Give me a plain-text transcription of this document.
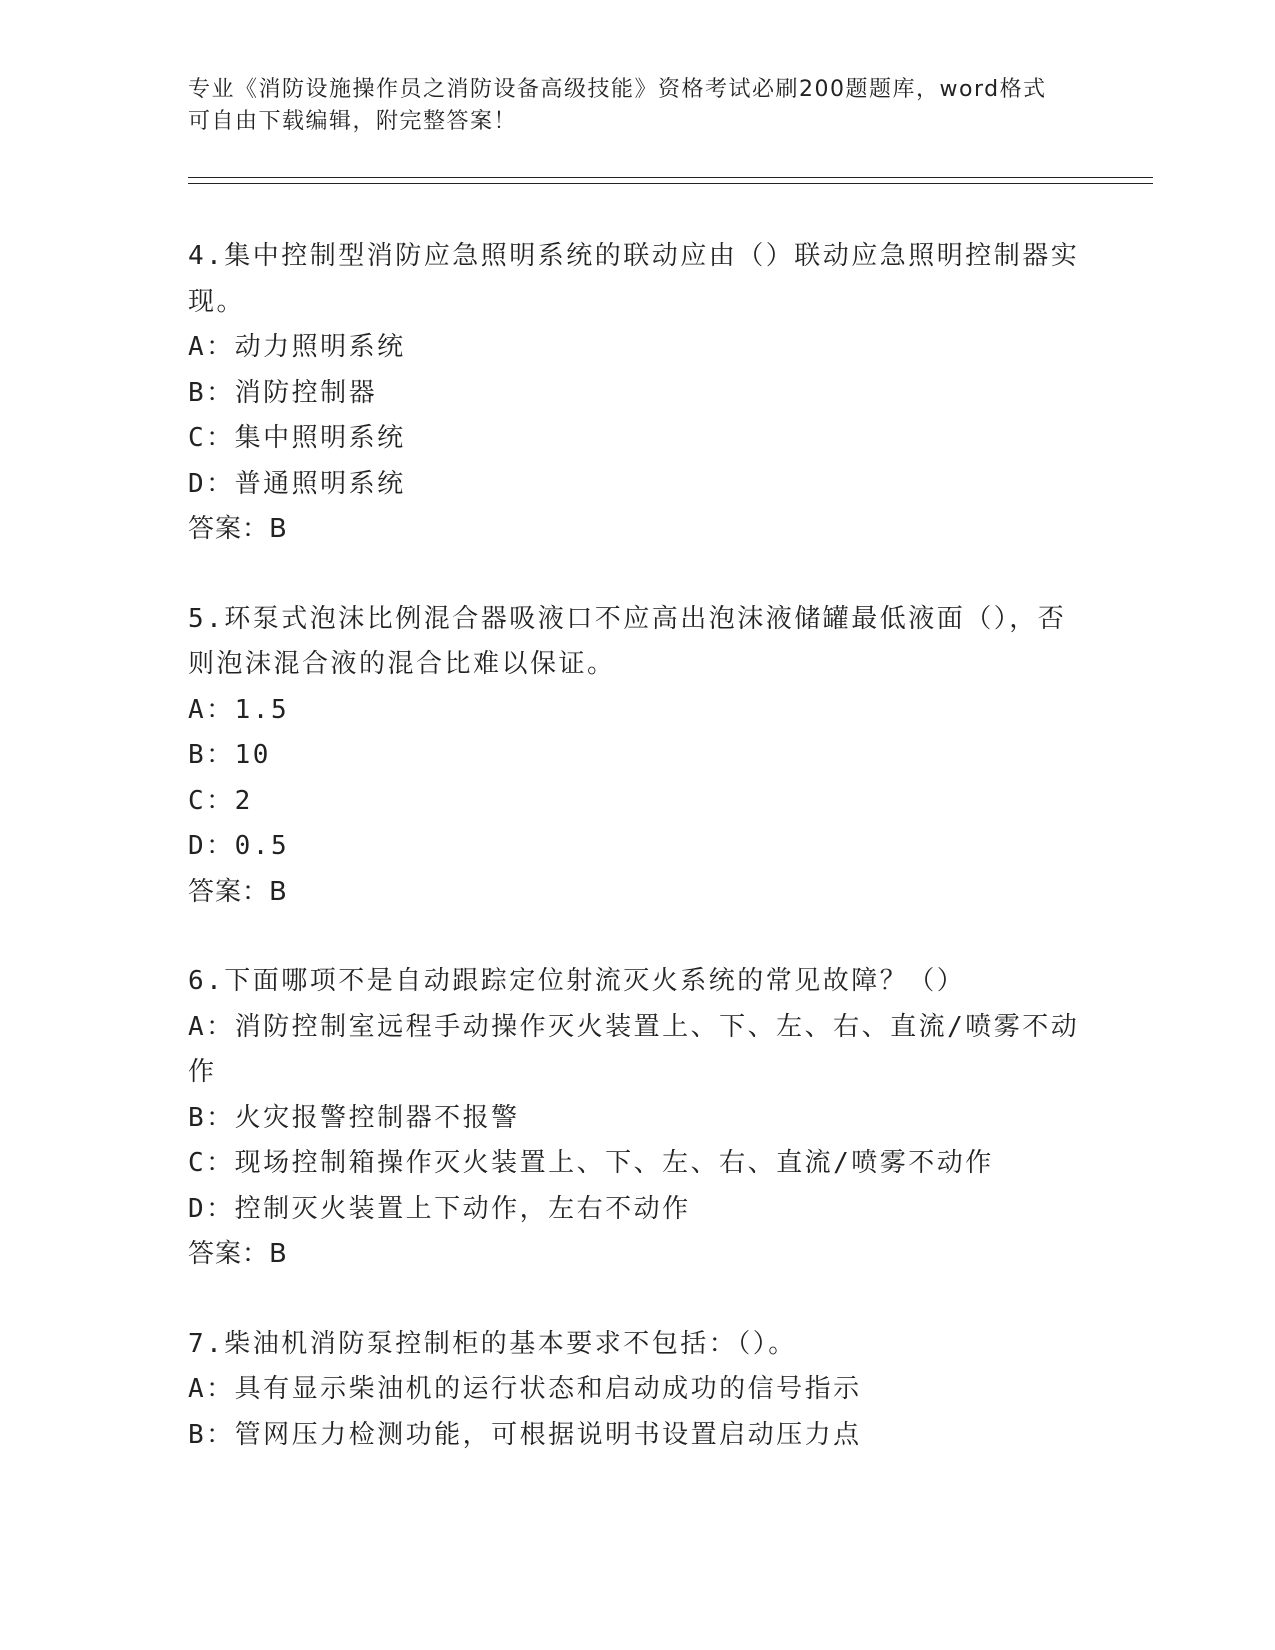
专业《消防设施操作员之消防设备高级技能》资格考试必刷200题题库，word格式可自由下载编辑，附完整答案！
4.集中控制型消防应急照明系统的联动应由（）联动应急照明控制器实现。
A：动力照明系统
B：消防控制器
C：集中照明系统
D：普通照明系统
答案：B
5.环泵式泡沫比例混合器吸液口不应高出泡沫液储罐最低液面（），否则泡沫混合液的混合比难以保证。
A：1.5
B：10
C：2
D：0.5
答案：B
6.下面哪项不是自动跟踪定位射流灭火系统的常见故障？（）
A：消防控制室远程手动操作灭火装置上、下、左、右、直流/喷雾不动作
B：火灾报警控制器不报警
C：现场控制箱操作灭火装置上、下、左、右、直流/喷雾不动作
D：控制灭火装置上下动作，左右不动作
答案：B
7.柴油机消防泵控制柜的基本要求不包括：（）。
A：具有显示柴油机的运行状态和启动成功的信号指示
B：管网压力检测功能，可根据说明书设置启动压力点
